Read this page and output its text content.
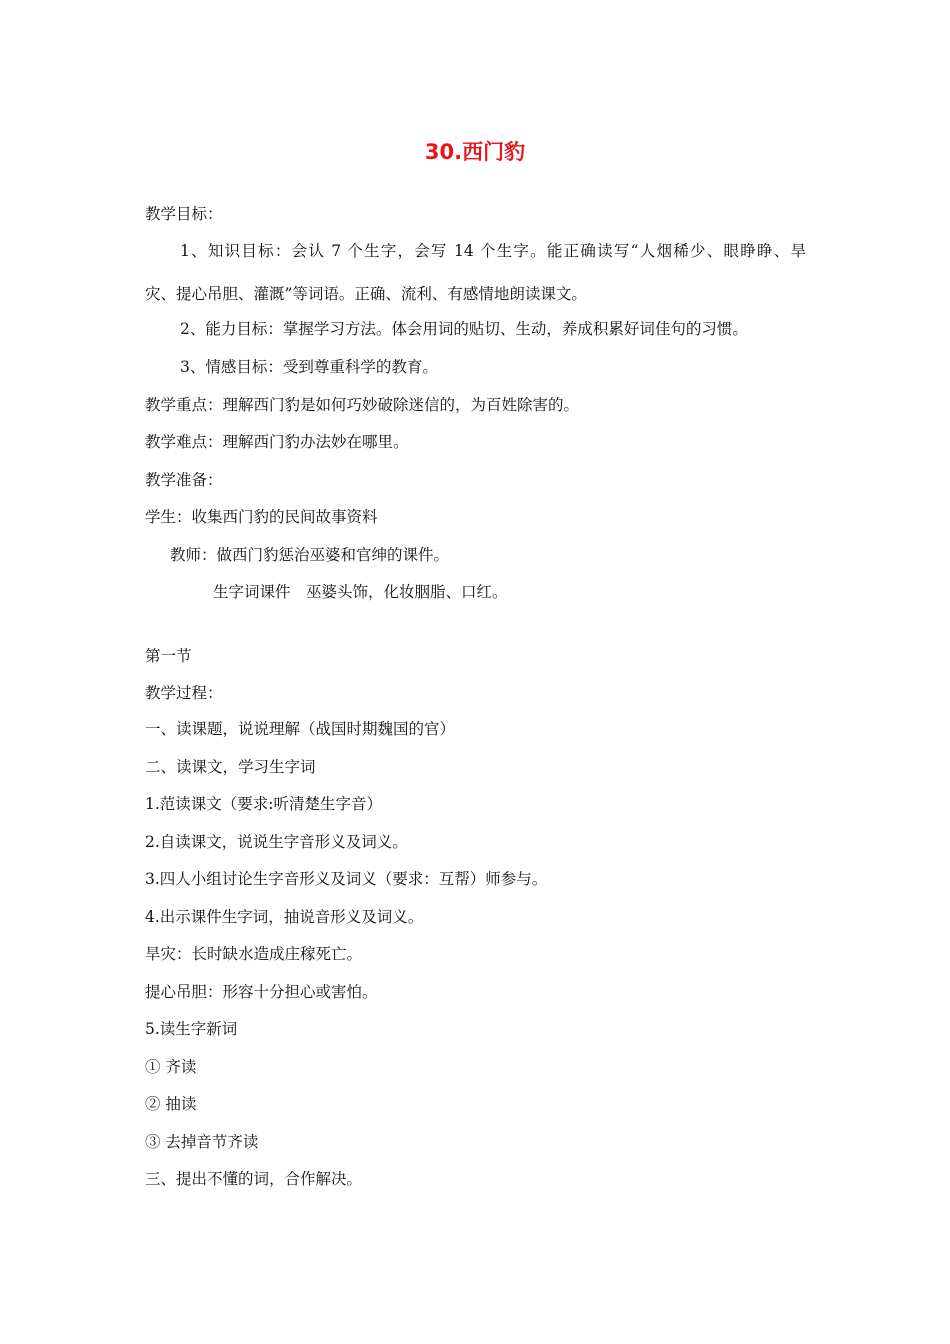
30.西门豹
教学目标：
1、知识目标：会认 7 个生字，会写 14 个生字。能正确读写“人烟稀少、眼睁睁、旱
灾、提心吊胆、灌溉”等词语。正确、流利、有感情地朗读课文。
2、能力目标：掌握学习方法。体会用词的贴切、生动，养成积累好词佳句的习惯。
3、情感目标：受到尊重科学的教育。
教学重点：理解西门豹是如何巧妙破除迷信的，为百姓除害的。
教学难点：理解西门豹办法妙在哪里。
教学准备：
学生：收集西门豹的民间故事资料
教师：做西门豹惩治巫婆和官绅的课件。
生字词课件　巫婆头饰，化妆胭脂、口红。
第一节
教学过程：
一、读课题，说说理解（战国时期魏国的官）
二、读课文，学习生字词
1.范读课文（要求:听清楚生字音）
2.自读课文，说说生字音形义及词义。
3.四人小组讨论生字音形义及词义（要求：互帮）师参与。
4.出示课件生字词，抽说音形义及词义。
旱灾：长时缺水造成庄稼死亡。
提心吊胆：形容十分担心或害怕。
5.读生字新词
① 齐读
② 抽读
③ 去掉音节齐读
三、提出不懂的词，合作解决。
